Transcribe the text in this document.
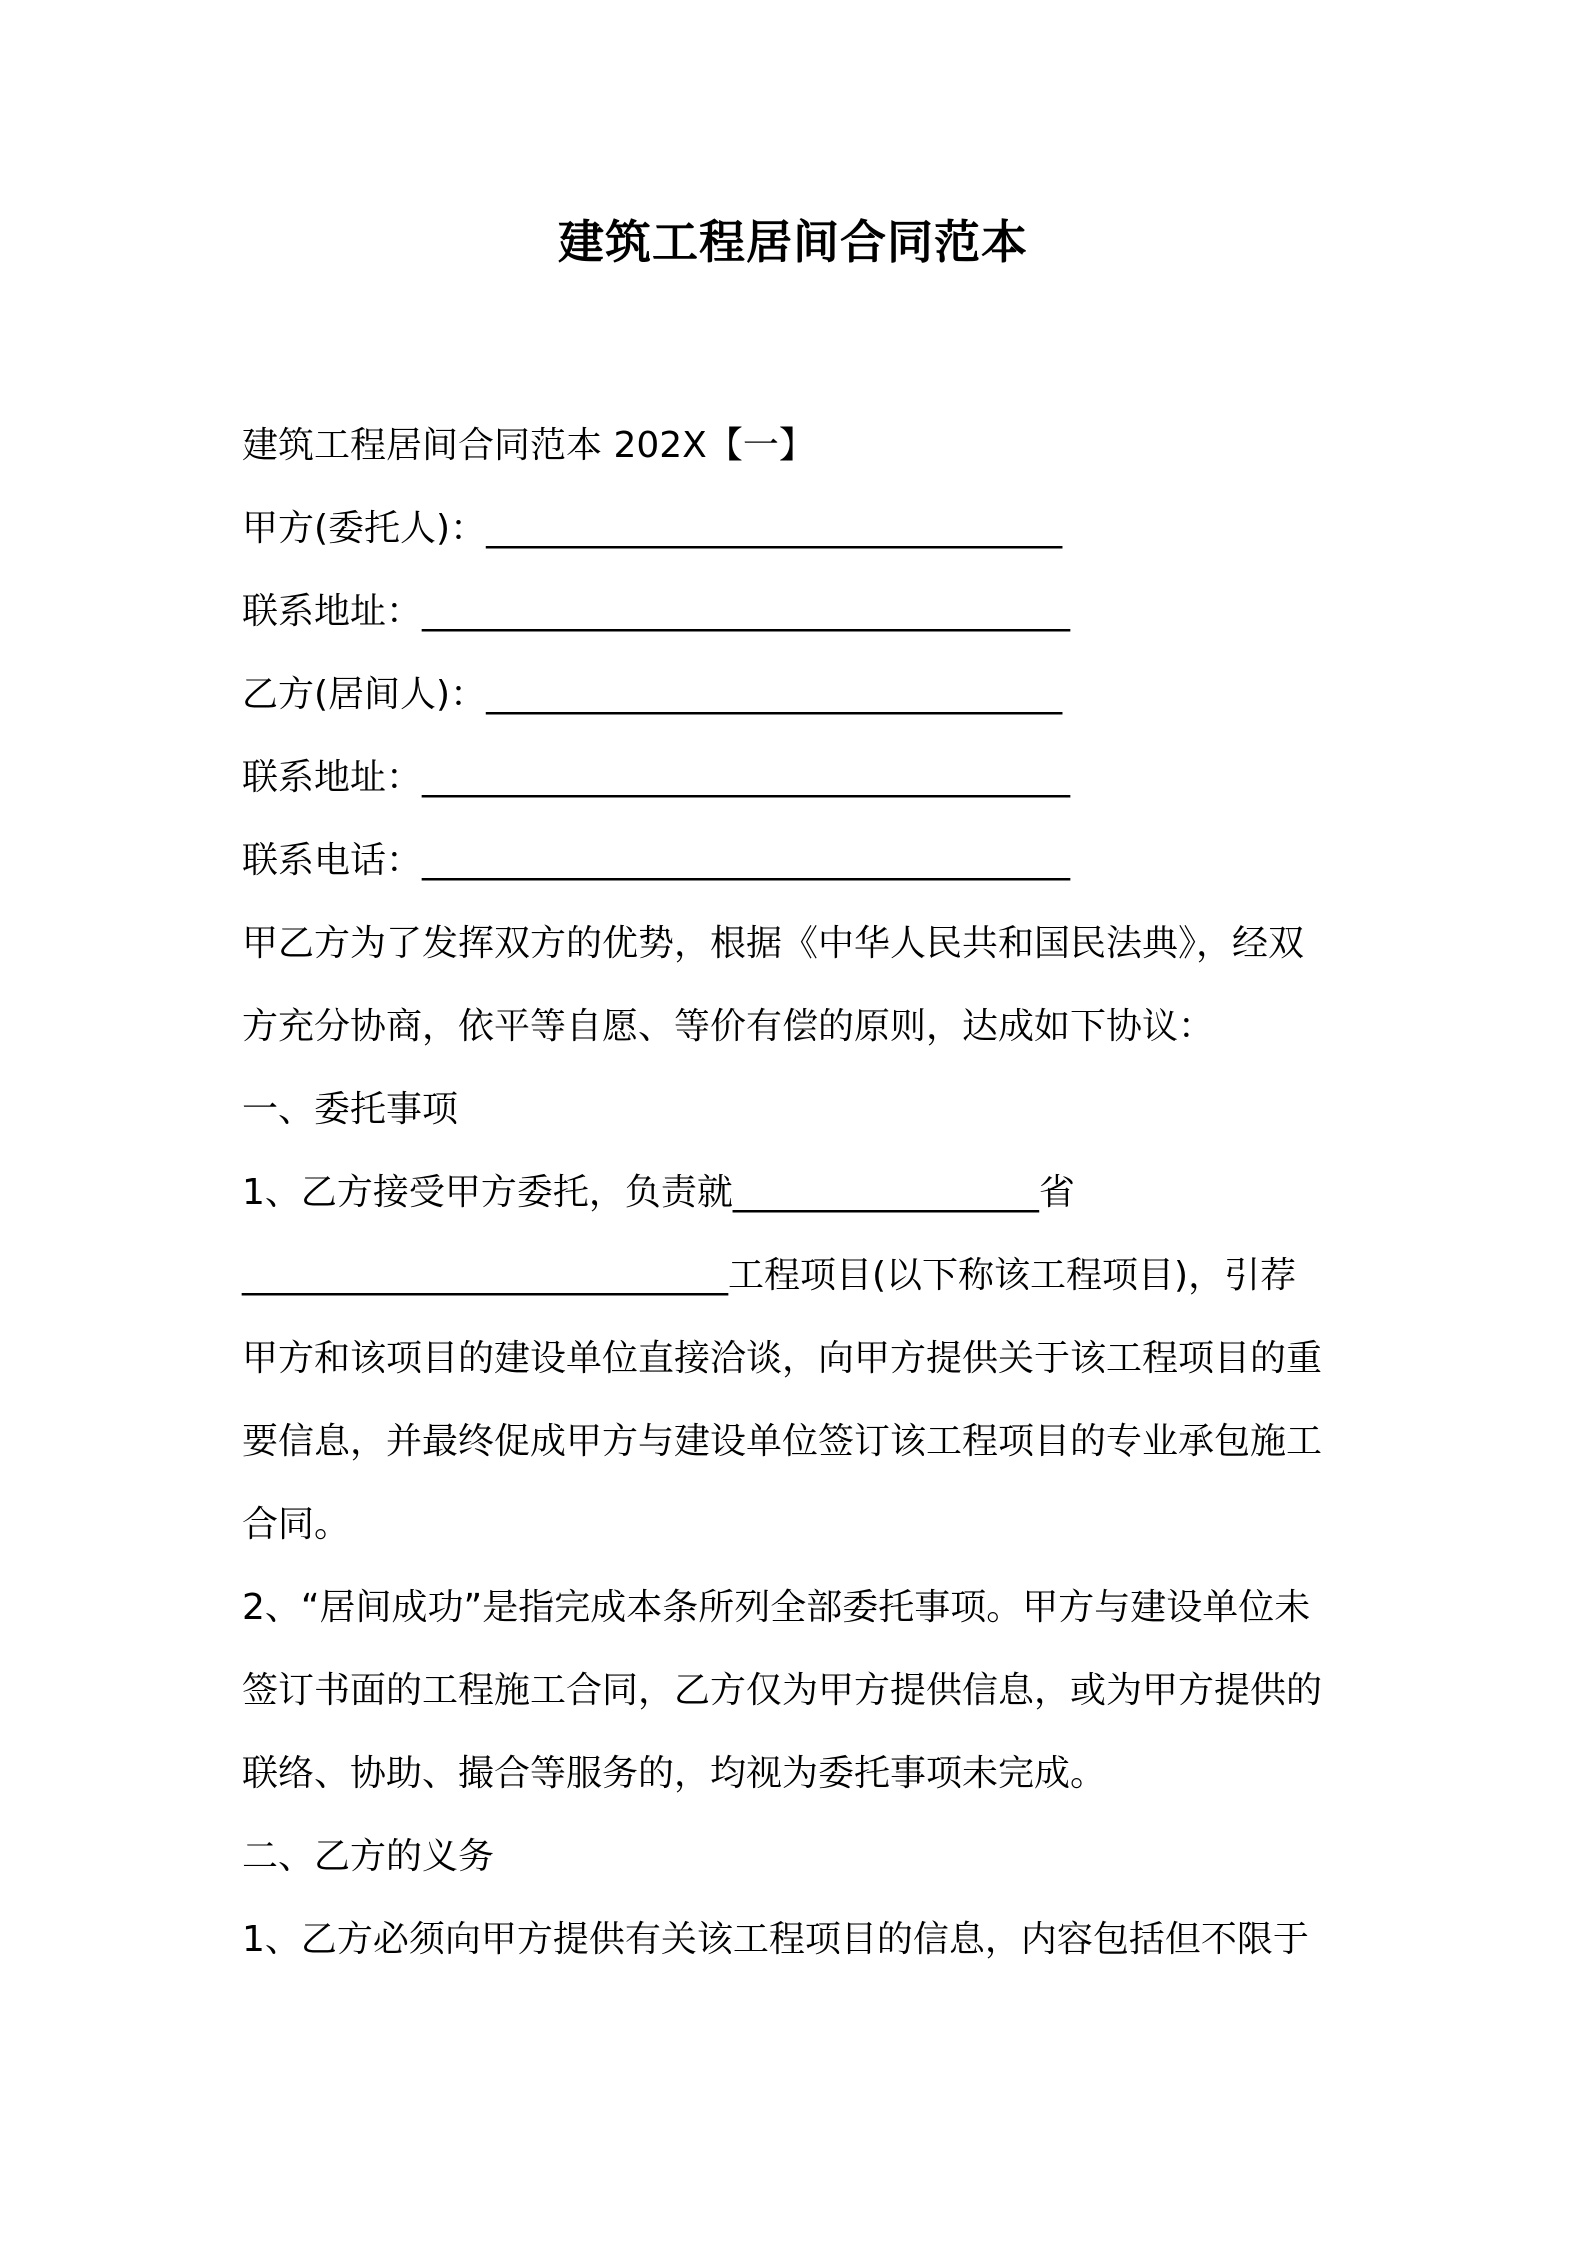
建筑工程居间合同范本
建筑工程居间合同范本 202X【一】
甲方(委托人)：________________________________
联系地址：____________________________________
乙方(居间人)：________________________________
联系地址：____________________________________
联系电话：____________________________________
甲乙方为了发挥双方的优势，根据《中华人民共和国民法典》，经双
方充分协商，依平等自愿、等价有偿的原则，达成如下协议：
一、委托事项
1、乙方接受甲方委托，负责就_________________省
___________________________工程项目(以下称该工程项目)，引荐
甲方和该项目的建设单位直接洽谈，向甲方提供关于该工程项目的重
要信息，并最终促成甲方与建设单位签订该工程项目的专业承包施工
合同。
2、“居间成功”是指完成本条所列全部委托事项。甲方与建设单位未
签订书面的工程施工合同，乙方仅为甲方提供信息，或为甲方提供的
联络、协助、撮合等服务的，均视为委托事项未完成。
二、乙方的义务
1、乙方必须向甲方提供有关该工程项目的信息，内容包括但不限于
